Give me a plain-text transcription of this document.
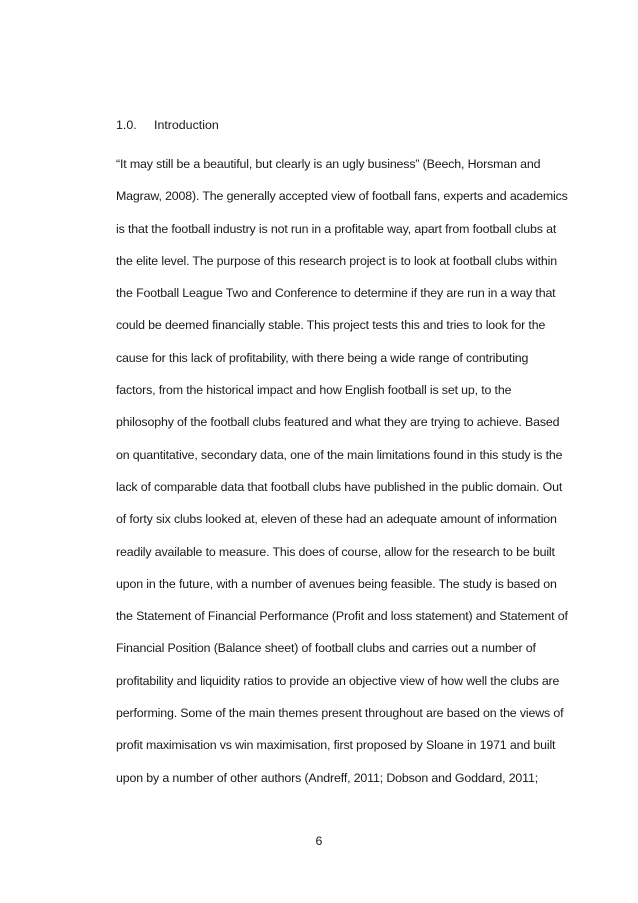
1.0. Introduction
“It may still be a beautiful, but clearly is an ugly business” (Beech, Horsman and
Magraw, 2008). The generally accepted view of football fans, experts and academics
is that the football industry is not run in a profitable way, apart from football clubs at
the elite level. The purpose of this research project is to look at football clubs within
the Football League Two and Conference to determine if they are run in a way that
could be deemed financially stable. This project tests this and tries to look for the
cause for this lack of profitability, with there being a wide range of contributing
factors, from the historical impact and how English football is set up, to the
philosophy of the football clubs featured and what they are trying to achieve. Based
on quantitative, secondary data, one of the main limitations found in this study is the
lack of comparable data that football clubs have published in the public domain. Out
of forty six clubs looked at, eleven of these had an adequate amount of information
readily available to measure. This does of course, allow for the research to be built
upon in the future, with a number of avenues being feasible. The study is based on
the Statement of Financial Performance (Profit and loss statement) and Statement of
Financial Position (Balance sheet) of football clubs and carries out a number of
profitability and liquidity ratios to provide an objective view of how well the clubs are
performing. Some of the main themes present throughout are based on the views of
profit maximisation vs win maximisation, first proposed by Sloane in 1971 and built
upon by a number of other authors (Andreff, 2011; Dobson and Goddard, 2011;
6
